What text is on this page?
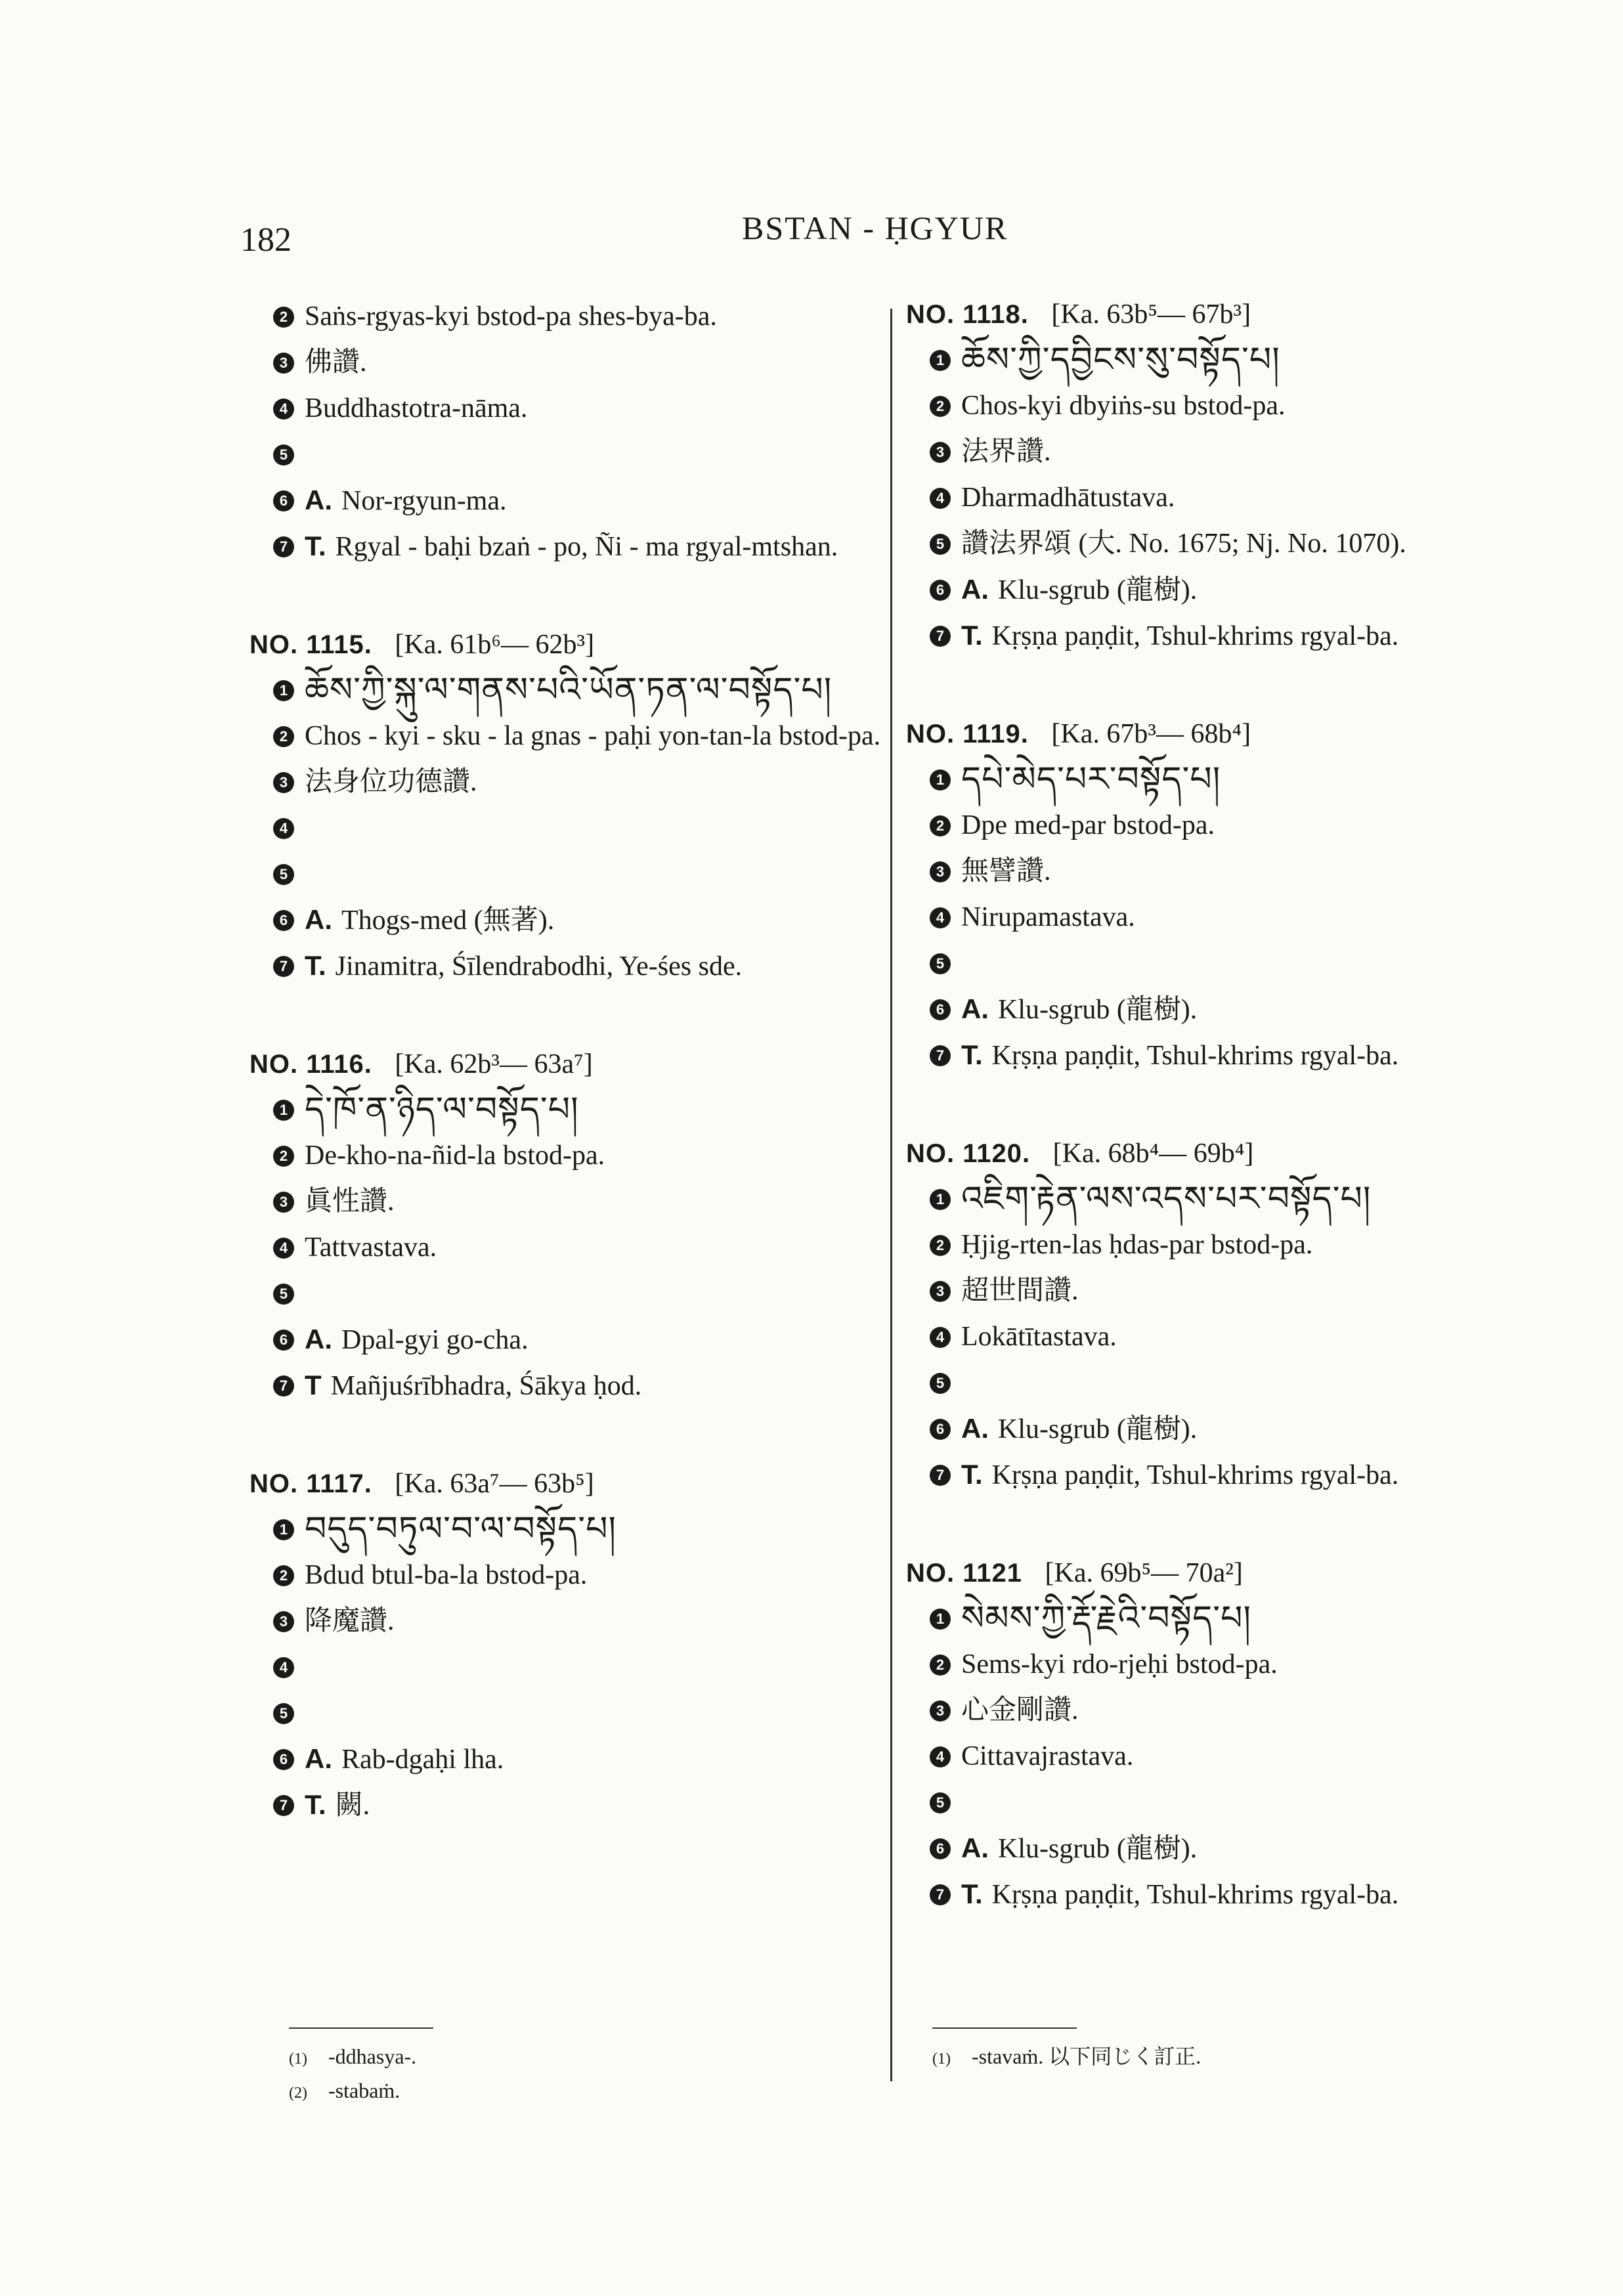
182	BSTAN - ḤGYUR
2 Saṅs-rgyas-kyi bstod-pa shes-bya-ba.
3 佛讚.
4 Buddhastotra-nāma.
5
6 A. Nor-rgyun-ma.
7 T. Rgyal - baḥi bzaṅ - po, Ñi - ma rgyal-mtshan.
NO. 1115. [Ka. 61b⁶— 62b³]
1 ཆོས་ཀྱི་སྐུ་ལ་གནས་པའི་ཡོན་ཏན་ལ་བསྟོད་པ།
2 Chos - kyi - sku - la gnas - paḥi yon-tan-la bstod-pa.
3 法身位功德讚.
4
5
6 A. Thogs-med (無著).
7 T. Jinamitra, Śīlendrabodhi, Ye-śes sde.
NO. 1116. [Ka. 62b³— 63a⁷]
1 དེ་ཁོ་ན་ཉིད་ལ་བསྟོད་པ།
2 De-kho-na-ñid-la bstod-pa.
3 眞性讚.
4 Tattvastava.
5
6 A. Dpal-gyi go-cha.
7 T Mañjuśrībhadra, Śākya ḥod.
NO. 1117. [Ka. 63a⁷— 63b⁵]
1 བདུད་བཏུལ་བ་ལ་བསྟོད་པ།
2 Bdud btul-ba-la bstod-pa.
3 降魔讚.
4
5
6 A. Rab-dgaḥi lha.
7 T. 闕.
NO. 1118. [Ka. 63b⁵— 67b³]
1 ཆོས་ཀྱི་དབྱིངས་སུ་བསྟོད་པ།
2 Chos-kyi dbyiṅs-su bstod-pa.
3 法界讚.
4 Dharmadhātustava.
5 讚法界頌 (大. No. 1675; Nj. No. 1070).
6 A. Klu-sgrub (龍樹).
7 T. Kṛṣṇa paṇḍit, Tshul-khrims rgyal-ba.
NO. 1119. [Ka. 67b³— 68b⁴]
1 དཔེ་མེད་པར་བསྟོད་པ།
2 Dpe med-par bstod-pa.
3 無譬讚.
4 Nirupamastava.
5
6 A. Klu-sgrub (龍樹).
7 T. Kṛṣṇa paṇḍit, Tshul-khrims rgyal-ba.
NO. 1120. [Ka. 68b⁴— 69b⁴]
1 འཇིག་རྟེན་ལས་འདས་པར་བསྟོད་པ།
2 Ḥjig-rten-las ḥdas-par bstod-pa.
3 超世間讚.
4 Lokātītastava.
5
6 A. Klu-sgrub (龍樹).
7 T. Kṛṣṇa paṇḍit, Tshul-khrims rgyal-ba.
NO. 1121 [Ka. 69b⁵— 70a²]
1 སེམས་ཀྱི་རྡོ་རྗེའི་བསྟོད་པ།
2 Sems-kyi rdo-rjeḥi bstod-pa.
3 心金剛讚.
4 Cittavajrastava.
5
6 A. Klu-sgrub (龍樹).
7 T. Kṛṣṇa paṇḍit, Tshul-khrims rgyal-ba.
(1) -ddhasya-.
(2) -stabaṁ.
(1) -stavaṁ. 以下同じく訂正.
